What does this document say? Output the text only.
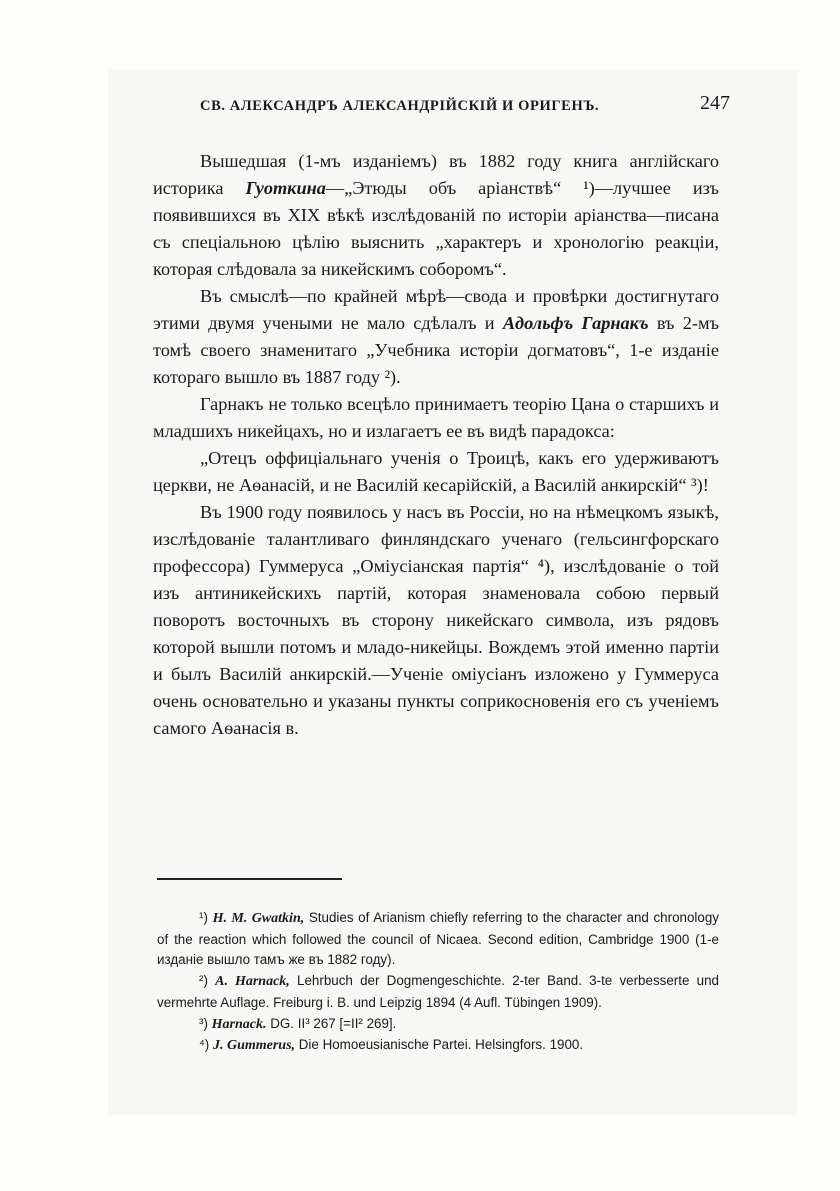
СВ. АЛЕКСАНДРЪ АЛЕКСАНДРІЙСКІЙ И ОРИГЕНЪ.	247

Вышедшая (1-мъ изданіемъ) въ 1882 году книга англійскаго историка Гуоткина—„Этюды объ аріанствѣ“ ¹)—лучшее изъ появившихся въ XIX вѣкѣ изслѣдованій по исторіи аріанства—писана съ спеціальною цѣлію выяснить „характеръ и хронологію реакціи, которая слѣдовала за никейскимъ соборомъ“.

Въ смыслѣ—по крайней мѣрѣ—свода и провѣрки достигнутаго этими двумя учеными не мало сдѣлалъ и Адольфъ Гарнакъ въ 2-мъ томѣ своего знаменитаго „Учебника исторіи догматовъ“, 1-е изданіе котораго вышло въ 1887 году ²).

Гарнакъ не только всецѣло принимаетъ теорію Цана о старшихъ и младшихъ никейцахъ, но и излагаетъ ее въ видѣ парадокса:

„Отецъ оффиціальнаго ученія о Троицѣ, какъ его удерживаютъ церкви, не Аѳанасій, и не Василій кесарійскій, а Василій анкирскій“ ³)!

Въ 1900 году появилось у насъ въ Россіи, но на нѣмецкомъ языкѣ, изслѣдованіе талантливаго финляндскаго ученаго (гельсингфорскаго профессора) Гуммеруса „Оміусіанская партія“ ⁴), изслѣдованіе о той изъ антиникейскихъ партій, которая знаменовала собою первый поворотъ восточныхъ въ сторону никейскаго символа, изъ рядовъ которой вышли потомъ и младо-никейцы. Вождемъ этой именно партіи и былъ Василій анкирскій.—Ученіе оміусіанъ изложено у Гуммеруса очень основательно и указаны пункты соприкосновенія его съ ученіемъ самого Аѳанасія в.

¹) H. M. Gwatkin, Studies of Arianism chiefly referring to the character and chronology of the reaction which followed the council of Nicaea. Second edition, Cambridge 1900 (1-е изданіе вышло тамъ же въ 1882 году).

²) A. Harnack, Lehrbuch der Dogmengeschichte. 2-ter Band. 3-te verbesserte und vermehrte Auflage. Freiburg i. B. und Leipzig 1894 (4 Aufl. Tübingen 1909).

³) Harnack. DG. II³ 267 [=II² 269].

⁴) J. Gummerus, Die Homoeusianische Partei. Helsingfors. 1900.
